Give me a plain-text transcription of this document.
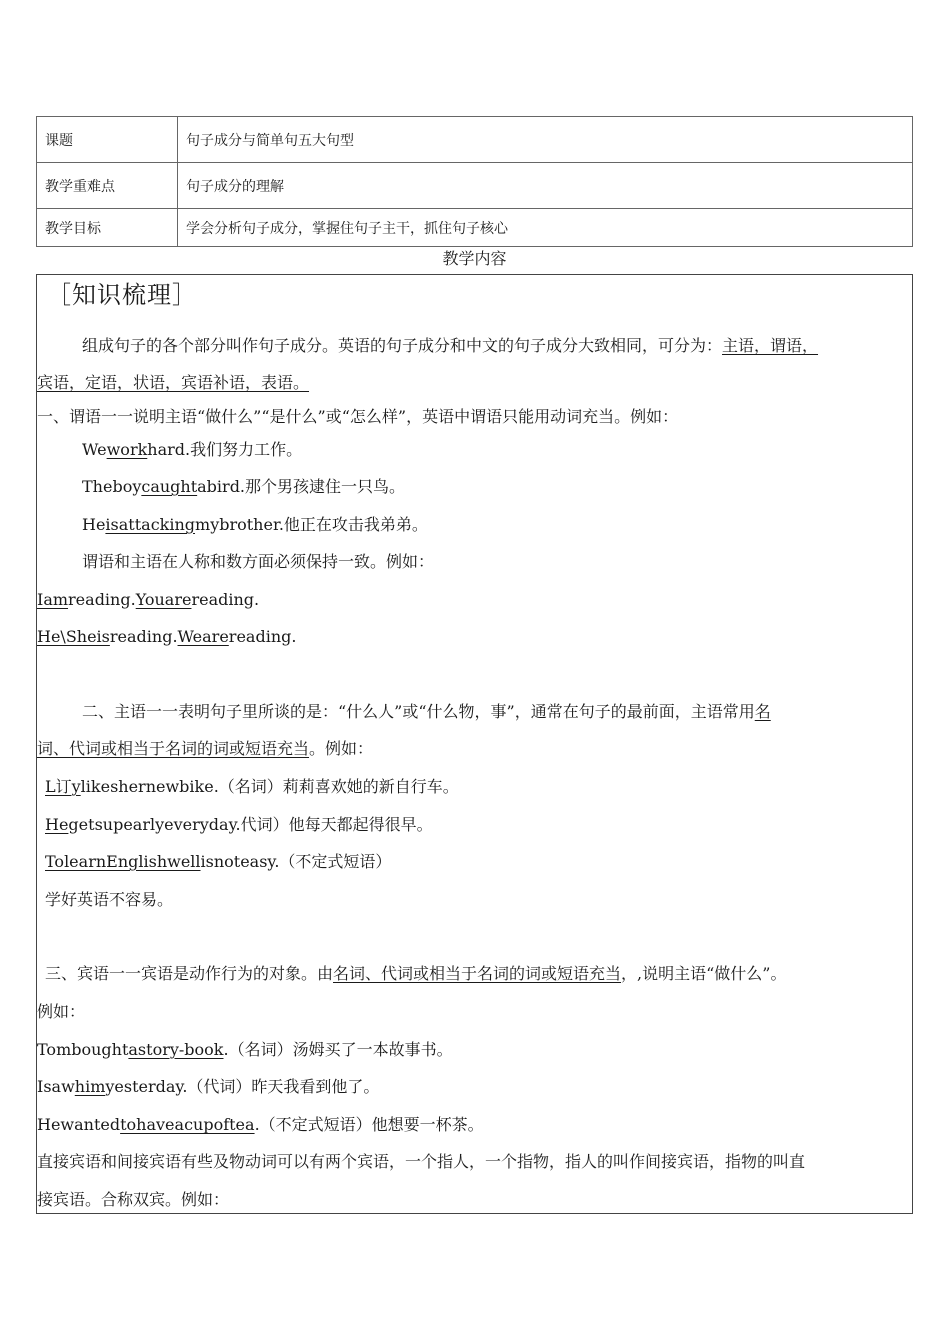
课题	句子成分与简单句五大句型
教学重难点	句子成分的理解
教学目标	学会分析句子成分，掌握住句子主干，抓住句子核心
教学内容
［知识梳理］
组成句子的各个部分叫作句子成分。英语的句子成分和中文的句子成分大致相同，可分为：主语，谓语，
宾语，定语，状语，宾语补语，表语。
一、谓语一一说明主语“做什么”“是什么”或“怎么样”，英语中谓语只能用动词充当。例如：
Weworkhard.我们努力工作。
Theboycaughtabird.那个男孩逮住一只鸟。
Heisattackingmybrother.他正在攻击我弟弟。
谓语和主语在人称和数方面必须保持一致。例如：
Iamreading.Youarereading.
He\Sheisreading.Wearereading.
二、主语一一表明句子里所谈的是：“什么人”或“什么物，事”，通常在句子的最前面，主语常用名
词、代词或相当于名词的词或短语充当。例如：
L订ylikeshernewbike.（名词）莉莉喜欢她的新自行车。
Hegetsupearlyeveryday.代词）他每天都起得很早。
TolearnEnglishwellisnoteasy.（不定式短语）
学好英语不容易。
三、宾语一一宾语是动作行为的对象。由名词、代词或相当于名词的词或短语充当，,说明主语“做什么”。
例如：
Tomboughtastory-book.（名词）汤姆买了一本故事书。
Isawhimyesterday.（代词）昨天我看到他了。
Hewantedtohaveacupoftea.（不定式短语）他想要一杯茶。
直接宾语和间接宾语有些及物动词可以有两个宾语，一个指人，一个指物，指人的叫作间接宾语，指物的叫直
接宾语。合称双宾。例如：
